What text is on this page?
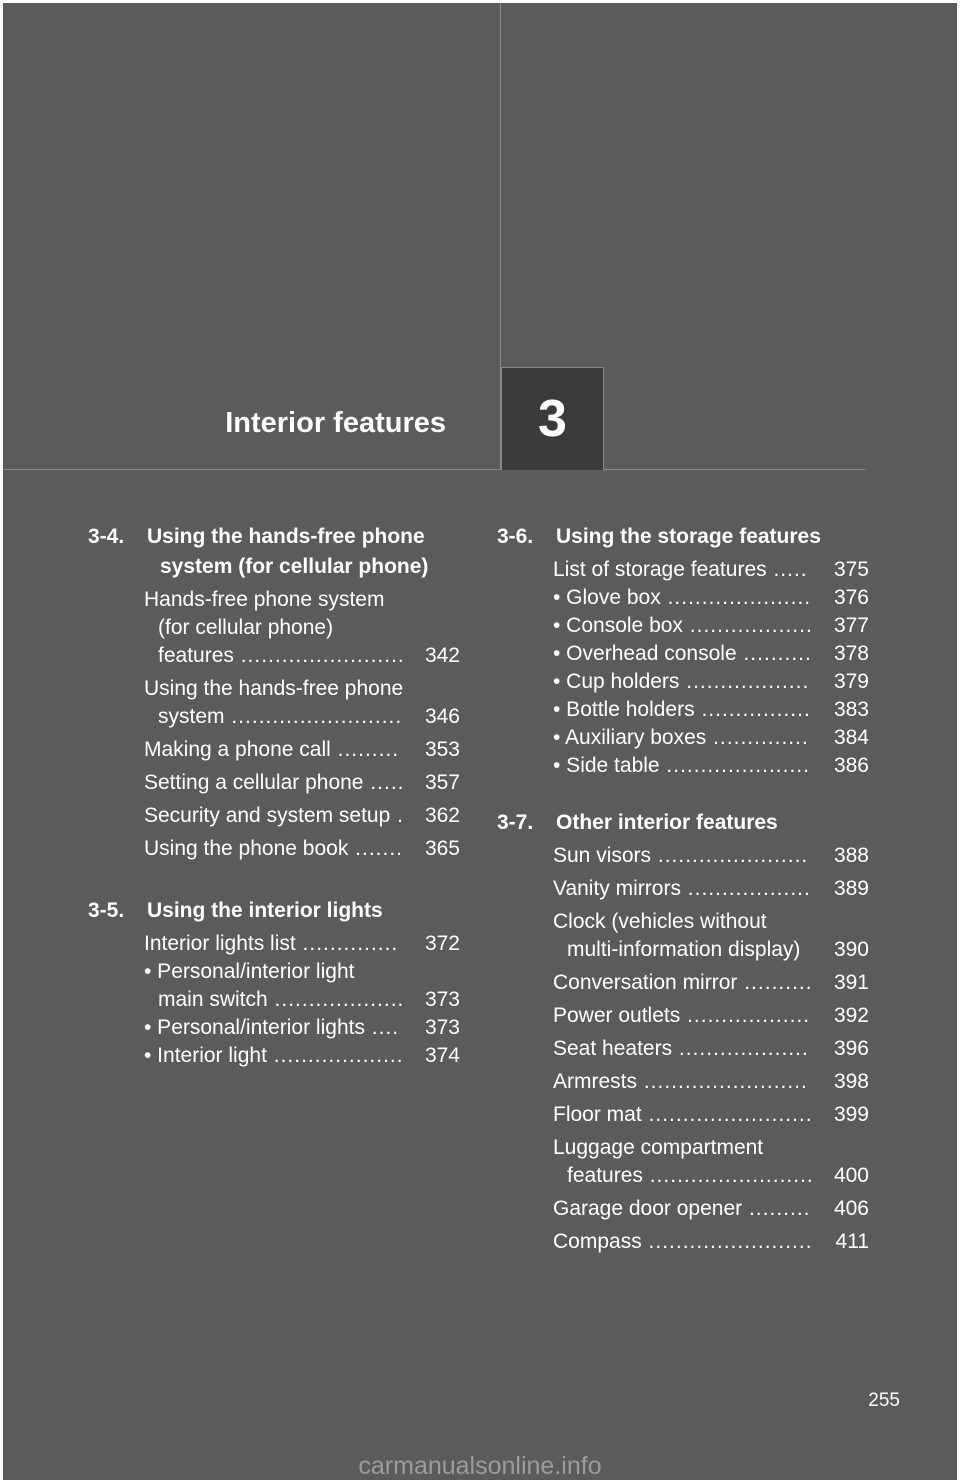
Interior features 3
3-4. Using the hands-free phone system (for cellular phone)
Hands-free phone system (for cellular phone) features ........................ 342
Using the hands-free phone system .........................	346
Making a phone call .........	353
Setting a cellular phone ..... 357
Security and system setup .	362
Using the phone book .......	365
3-5. Using the interior lights
Interior lights list ..............	372
• Personal/interior light main switch ................... 373
• Personal/interior lights ....	373
• Interior light ...................	374
3-6. Using the storage features
List of storage features .....	375
• Glove box .....................	376
• Console box ..................	377
• Overhead console ..........	378
• Cup holders ..................	379
• Bottle holders ................	383
• Auxiliary boxes ..............	384
• Side table .....................	386
3-7. Other interior features
Sun visors ......................	388
Vanity mirrors ..................	389
Clock (vehicles without multi-information display)	390
Conversation mirror ..........	391
Power outlets ..................	392
Seat heaters ...................	396
Armrests ........................	398
Floor mat ........................	399
Luggage compartment features ........................ 400
Garage door opener .........	406
Compass ........................	411
255
carmanualsonline.info
